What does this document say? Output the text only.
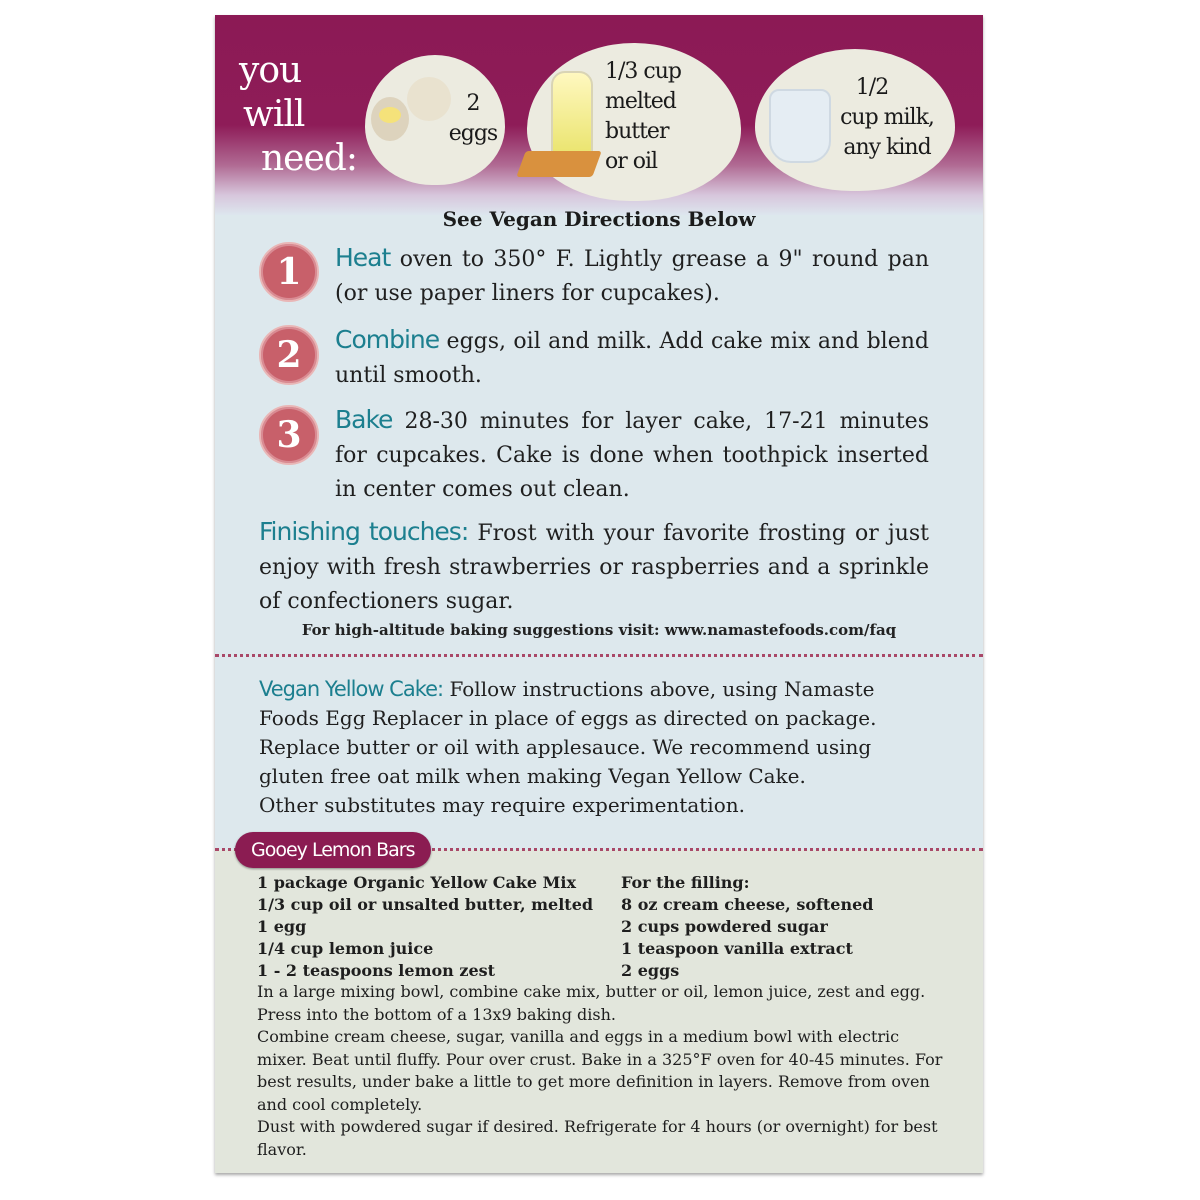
you
will
need:
2
eggs
1/3 cup
melted
butter
or oil
1/2
cup milk,
any kind
See Vegan Directions Below
1	Heat oven to 350° F. Lightly grease a 9" round pan (or use paper liners for cupcakes).
2	Combine eggs, oil and milk. Add cake mix and blend until smooth.
3	Bake 28-30 minutes for layer cake, 17-21 minutes for cupcakes. Cake is done when toothpick inserted in center comes out clean.
Finishing touches: Frost with your favorite frosting or just enjoy with fresh strawberries or raspberries and a sprinkle of confectioners sugar.
For high-altitude baking suggestions visit: www.namastefoods.com/faq
Vegan Yellow Cake: Follow instructions above, using Namaste Foods Egg Replacer in place of eggs as directed on package. Replace butter or oil with applesauce. We recommend using gluten free oat milk when making Vegan Yellow Cake.
Other substitutes may require experimentation.
Gooey Lemon Bars
1 package Organic Yellow Cake Mix
1/3 cup oil or unsalted butter, melted
1 egg
1/4 cup lemon juice
1 - 2 teaspoons lemon zest
For the filling:
8 oz cream cheese, softened
2 cups powdered sugar
1 teaspoon vanilla extract
2 eggs

In a large mixing bowl, combine cake mix, butter or oil, lemon juice, zest and egg. Press into the bottom of a 13x9 baking dish.

Combine cream cheese, sugar, vanilla and eggs in a medium bowl with electric mixer. Beat until fluffy. Pour over crust. Bake in a 325°F oven for 40-45 minutes. For best results, under bake a little to get more definition in layers. Remove from oven and cool completely.

Dust with powdered sugar if desired. Refrigerate for 4 hours (or overnight) for best flavor.
